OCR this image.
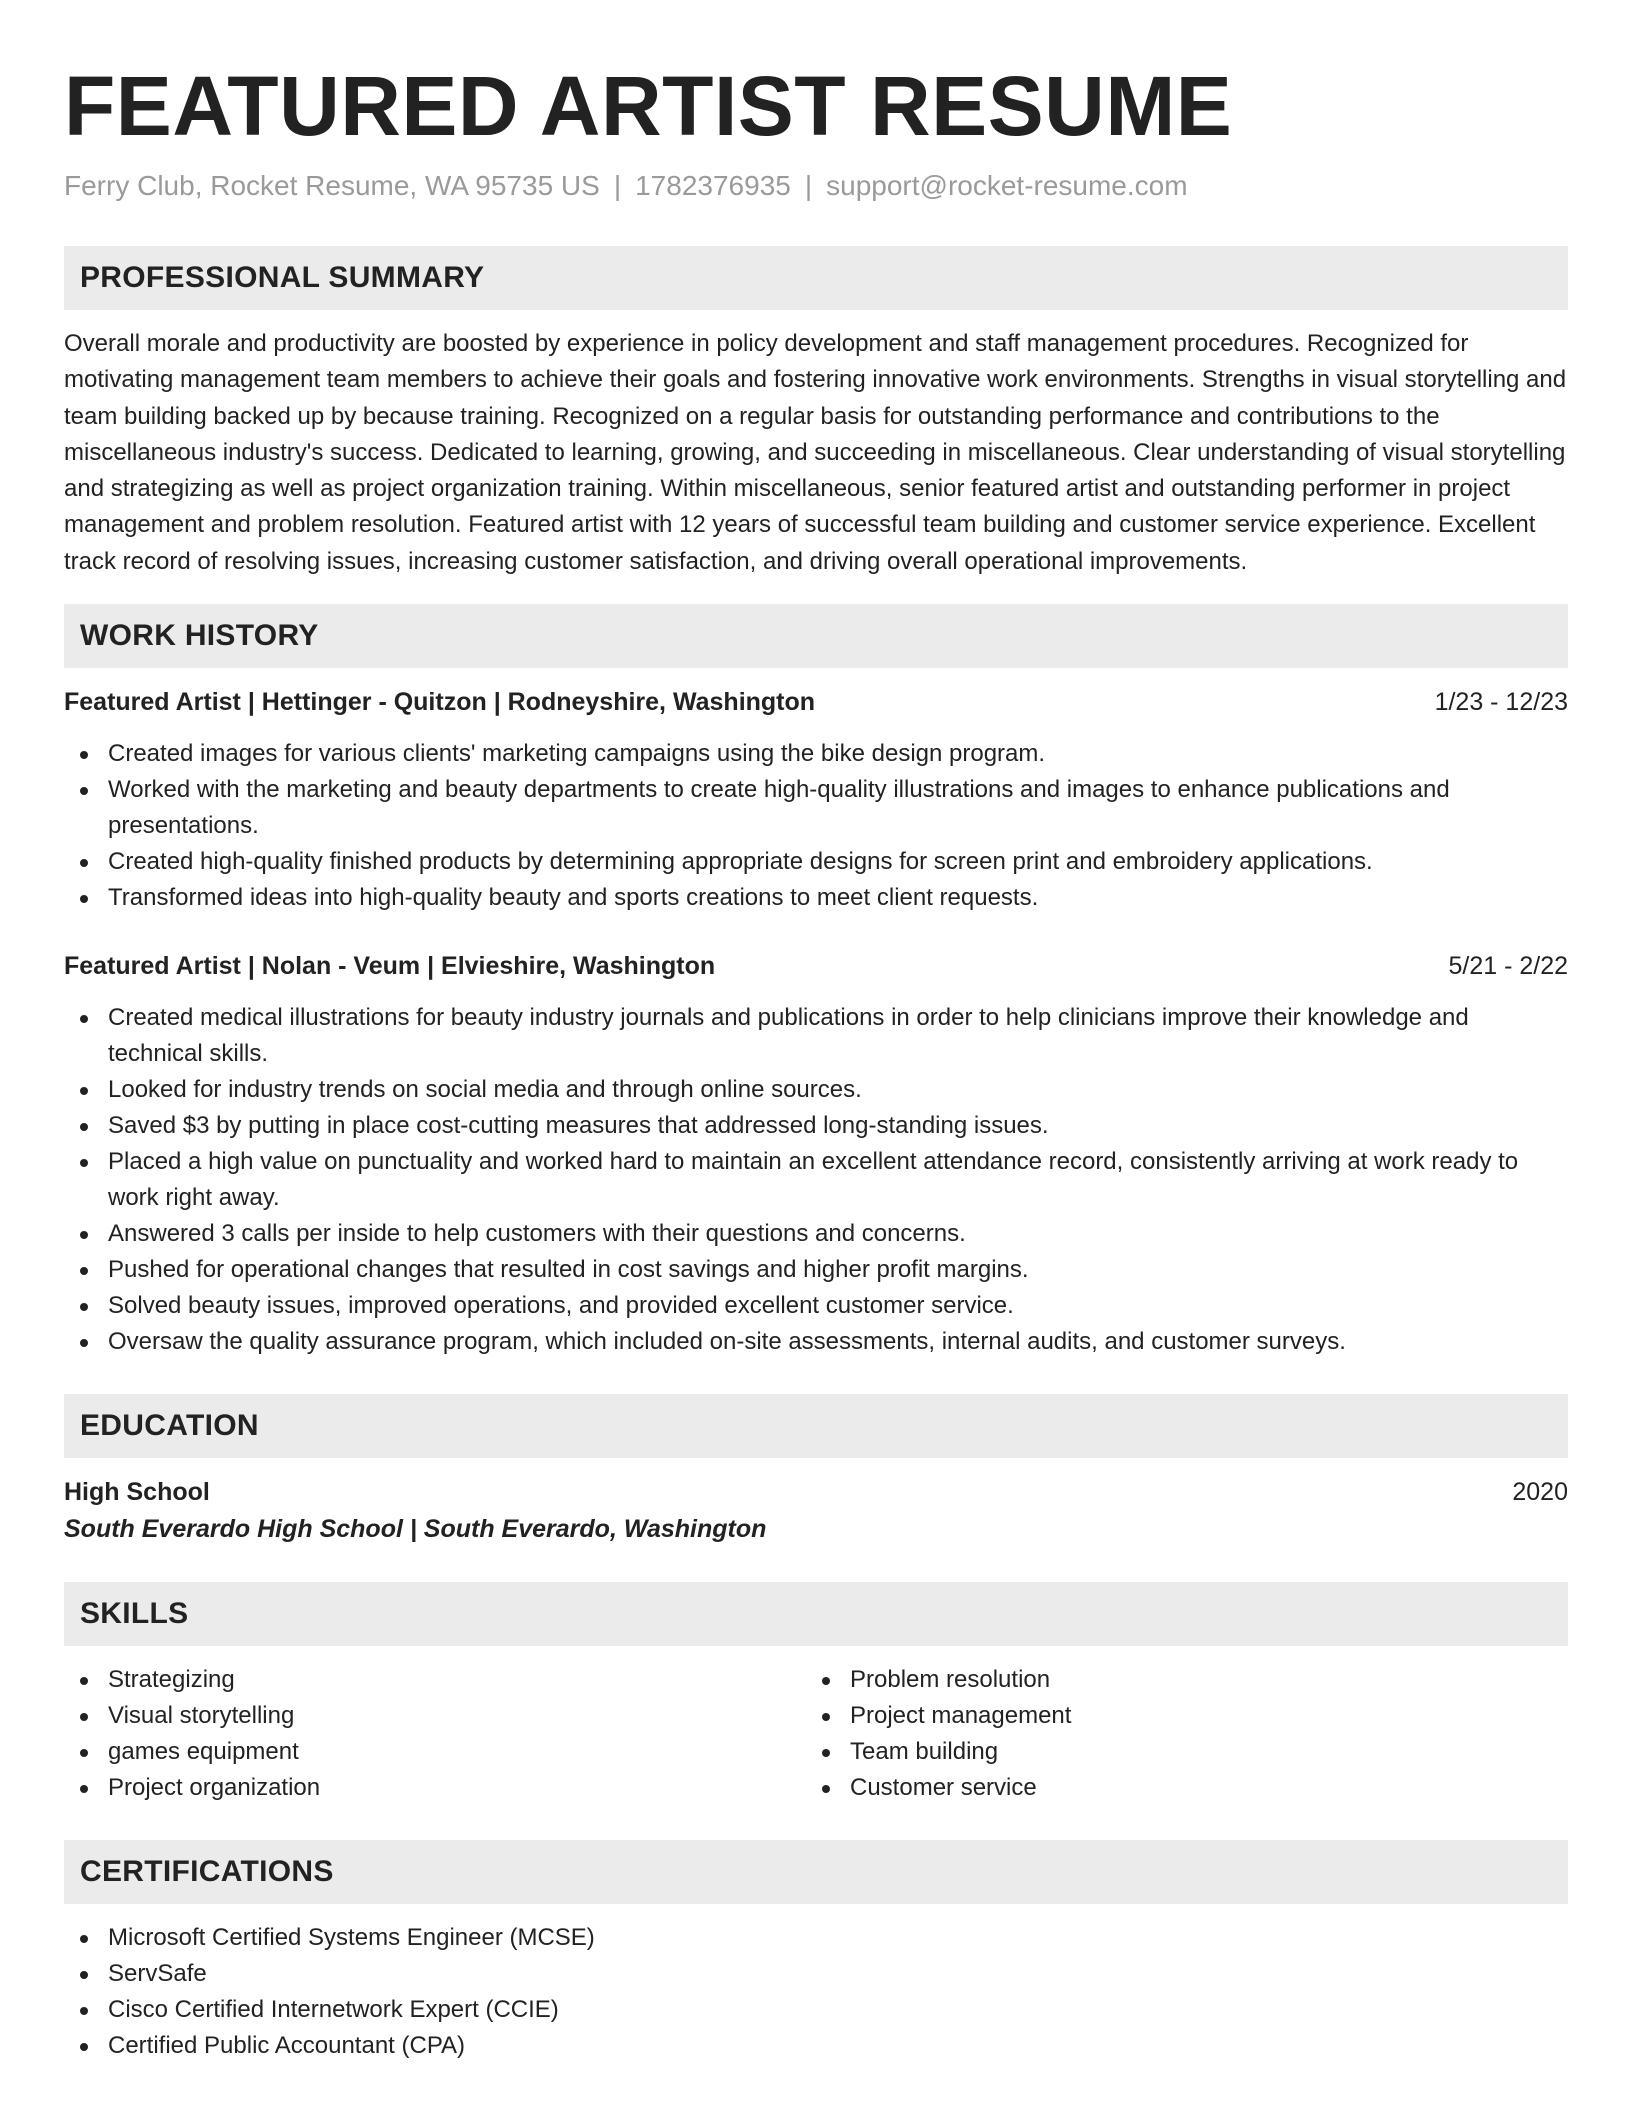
FEATURED ARTIST RESUME
Ferry Club, Rocket Resume, WA 95735 US | 1782376935 | support@rocket-resume.com
PROFESSIONAL SUMMARY
Overall morale and productivity are boosted by experience in policy development and staff management procedures. Recognized for motivating management team members to achieve their goals and fostering innovative work environments. Strengths in visual storytelling and team building backed up by because training. Recognized on a regular basis for outstanding performance and contributions to the miscellaneous industry's success. Dedicated to learning, growing, and succeeding in miscellaneous. Clear understanding of visual storytelling and strategizing as well as project organization training. Within miscellaneous, senior featured artist and outstanding performer in project management and problem resolution. Featured artist with 12 years of successful team building and customer service experience. Excellent track record of resolving issues, increasing customer satisfaction, and driving overall operational improvements.
WORK HISTORY
Featured Artist | Hettinger - Quitzon | Rodneyshire, Washington	1/23 - 12/23
Created images for various clients' marketing campaigns using the bike design program.
Worked with the marketing and beauty departments to create high-quality illustrations and images to enhance publications and presentations.
Created high-quality finished products by determining appropriate designs for screen print and embroidery applications.
Transformed ideas into high-quality beauty and sports creations to meet client requests.
Featured Artist | Nolan - Veum | Elvieshire, Washington	5/21 - 2/22
Created medical illustrations for beauty industry journals and publications in order to help clinicians improve their knowledge and technical skills.
Looked for industry trends on social media and through online sources.
Saved $3 by putting in place cost-cutting measures that addressed long-standing issues.
Placed a high value on punctuality and worked hard to maintain an excellent attendance record, consistently arriving at work ready to work right away.
Answered 3 calls per inside to help customers with their questions and concerns.
Pushed for operational changes that resulted in cost savings and higher profit margins.
Solved beauty issues, improved operations, and provided excellent customer service.
Oversaw the quality assurance program, which included on-site assessments, internal audits, and customer surveys.
EDUCATION
High School	2020
South Everardo High School | South Everardo, Washington
SKILLS
Strategizing
Visual storytelling
games equipment
Project organization
Problem resolution
Project management
Team building
Customer service
CERTIFICATIONS
Microsoft Certified Systems Engineer (MCSE)
ServSafe
Cisco Certified Internetwork Expert (CCIE)
Certified Public Accountant (CPA)
